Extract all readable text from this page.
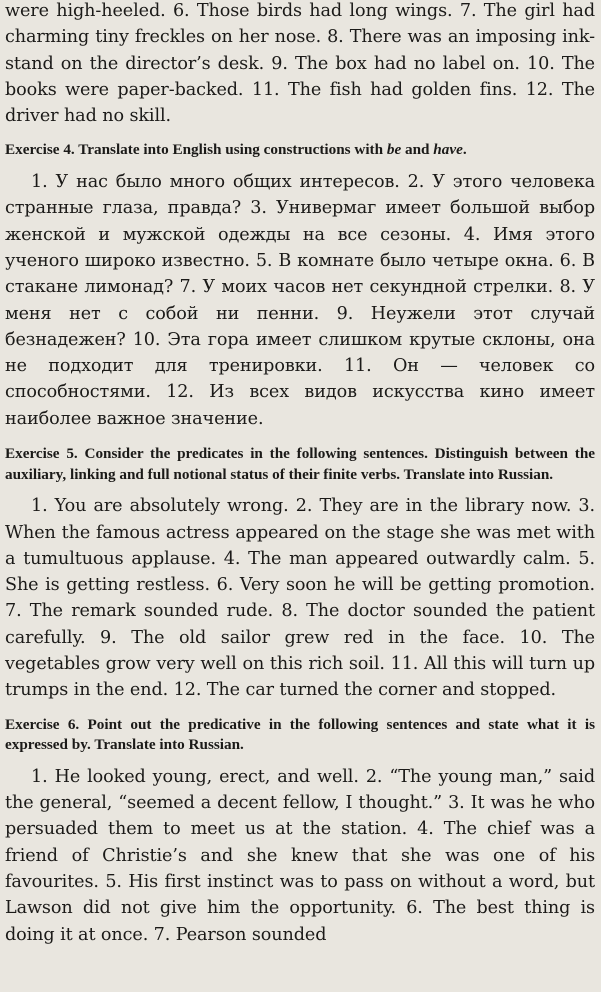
were high-heeled. 6. Those birds had long wings. 7. The girl had charming tiny freckles on her nose. 8. There was an imposing ink-stand on the director’s desk. 9. The box had no label on. 10. The books were paper-backed. 11. The fish had golden fins. 12. The driver had no skill.

Exercise 4. Translate into English using constructions with be and have.

1. У нас было много общих интересов. 2. У этого человека странные глаза, правда? 3. Универмаг имеет большой выбор женской и мужской одежды на все сезоны. 4. Имя этого ученого широко известно. 5. В комнате было четыре окна. 6. В стакане лимонад? 7. У моих часов нет секундной стрелки. 8. У меня нет с собой ни пенни. 9. Неужели этот случай безнадежен? 10. Эта гора имеет слишком крутые склоны, она не подходит для тренировки. 11. Он — человек со способностями. 12. Из всех видов искусства кино имеет наиболее важное значение.

Exercise 5. Consider the predicates in the following sentences. Distinguish between the auxiliary, linking and full notional status of their finite verbs. Translate into Russian.

1. You are absolutely wrong. 2. They are in the library now. 3. When the famous actress appeared on the stage she was met with a tumultuous applause. 4. The man appeared outwardly calm. 5. She is getting restless. 6. Very soon he will be getting promotion. 7. The remark sounded rude. 8. The doctor sounded the patient carefully. 9. The old sailor grew red in the face. 10. The vegetables grow very well on this rich soil. 11. All this will turn up trumps in the end. 12. The car turned the corner and stopped.

Exercise 6. Point out the predicative in the following sentences and state what it is expressed by. Translate into Russian.

1. He looked young, erect, and well. 2. “The young man,” said the general, “seemed a decent fellow, I thought.” 3. It was he who persuaded them to meet us at the station. 4. The chief was a friend of Christie’s and she knew that she was one of his favourites. 5. His first instinct was to pass on without a word, but Lawson did not give him the opportunity. 6. The best thing is doing it at once. 7. Pearson sounded
